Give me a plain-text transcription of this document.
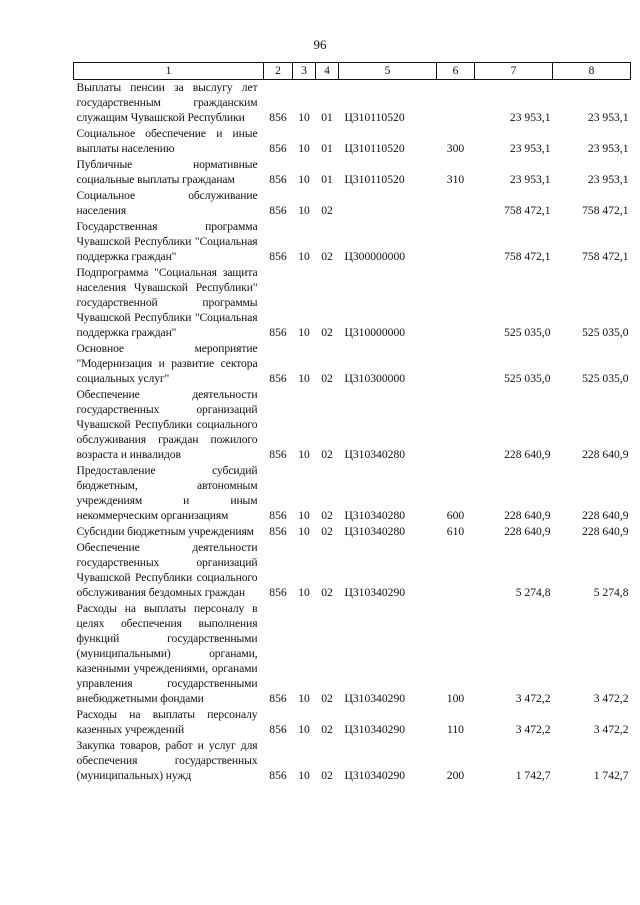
96
1	2	3	4	5	6	7	8
Выплаты пенсии за выслугу лет государственным гражданским служащим Чувашской Республики	856	10	01	Ц310110520		23 953,1	23 953,1
Социальное обеспечение и иные выплаты населению	856	10	01	Ц310110520	300	23 953,1	23 953,1
Публичные нормативные социальные выплаты гражданам	856	10	01	Ц310110520	310	23 953,1	23 953,1
Социальное обслуживание населения	856	10	02			758 472,1	758 472,1
Государственная программа Чувашской Республики "Социальная поддержка граждан"	856	10	02	Ц300000000		758 472,1	758 472,1
Подпрограмма "Социальная защита населения Чувашской Республики" государственной программы Чувашской Республики "Социальная поддержка граждан"	856	10	02	Ц310000000		525 035,0	525 035,0
Основное мероприятие "Модернизация и развитие сектора социальных услуг"	856	10	02	Ц310300000		525 035,0	525 035,0
Обеспечение деятельности государственных организаций Чувашской Республики социального обслуживания граждан пожилого возраста и инвалидов	856	10	02	Ц310340280		228 640,9	228 640,9
Предоставление субсидий бюджетным, автономным учреждениям и иным некоммерческим организациям	856	10	02	Ц310340280	600	228 640,9	228 640,9
Субсидии бюджетным учреждениям	856	10	02	Ц310340280	610	228 640,9	228 640,9
Обеспечение деятельности государственных организаций Чувашской Республики социального обслуживания бездомных граждан	856	10	02	Ц310340290		5 274,8	5 274,8
Расходы на выплаты персоналу в целях обеспечения выполнения функций государственными (муниципальными) органами, казенными учреждениями, органами управления государственными внебюджетными фондами	856	10	02	Ц310340290	100	3 472,2	3 472,2
Расходы на выплаты персоналу казенных учреждений	856	10	02	Ц310340290	110	3 472,2	3 472,2
Закупка товаров, работ и услуг для обеспечения государственных (муниципальных) нужд	856	10	02	Ц310340290	200	1 742,7	1 742,7
